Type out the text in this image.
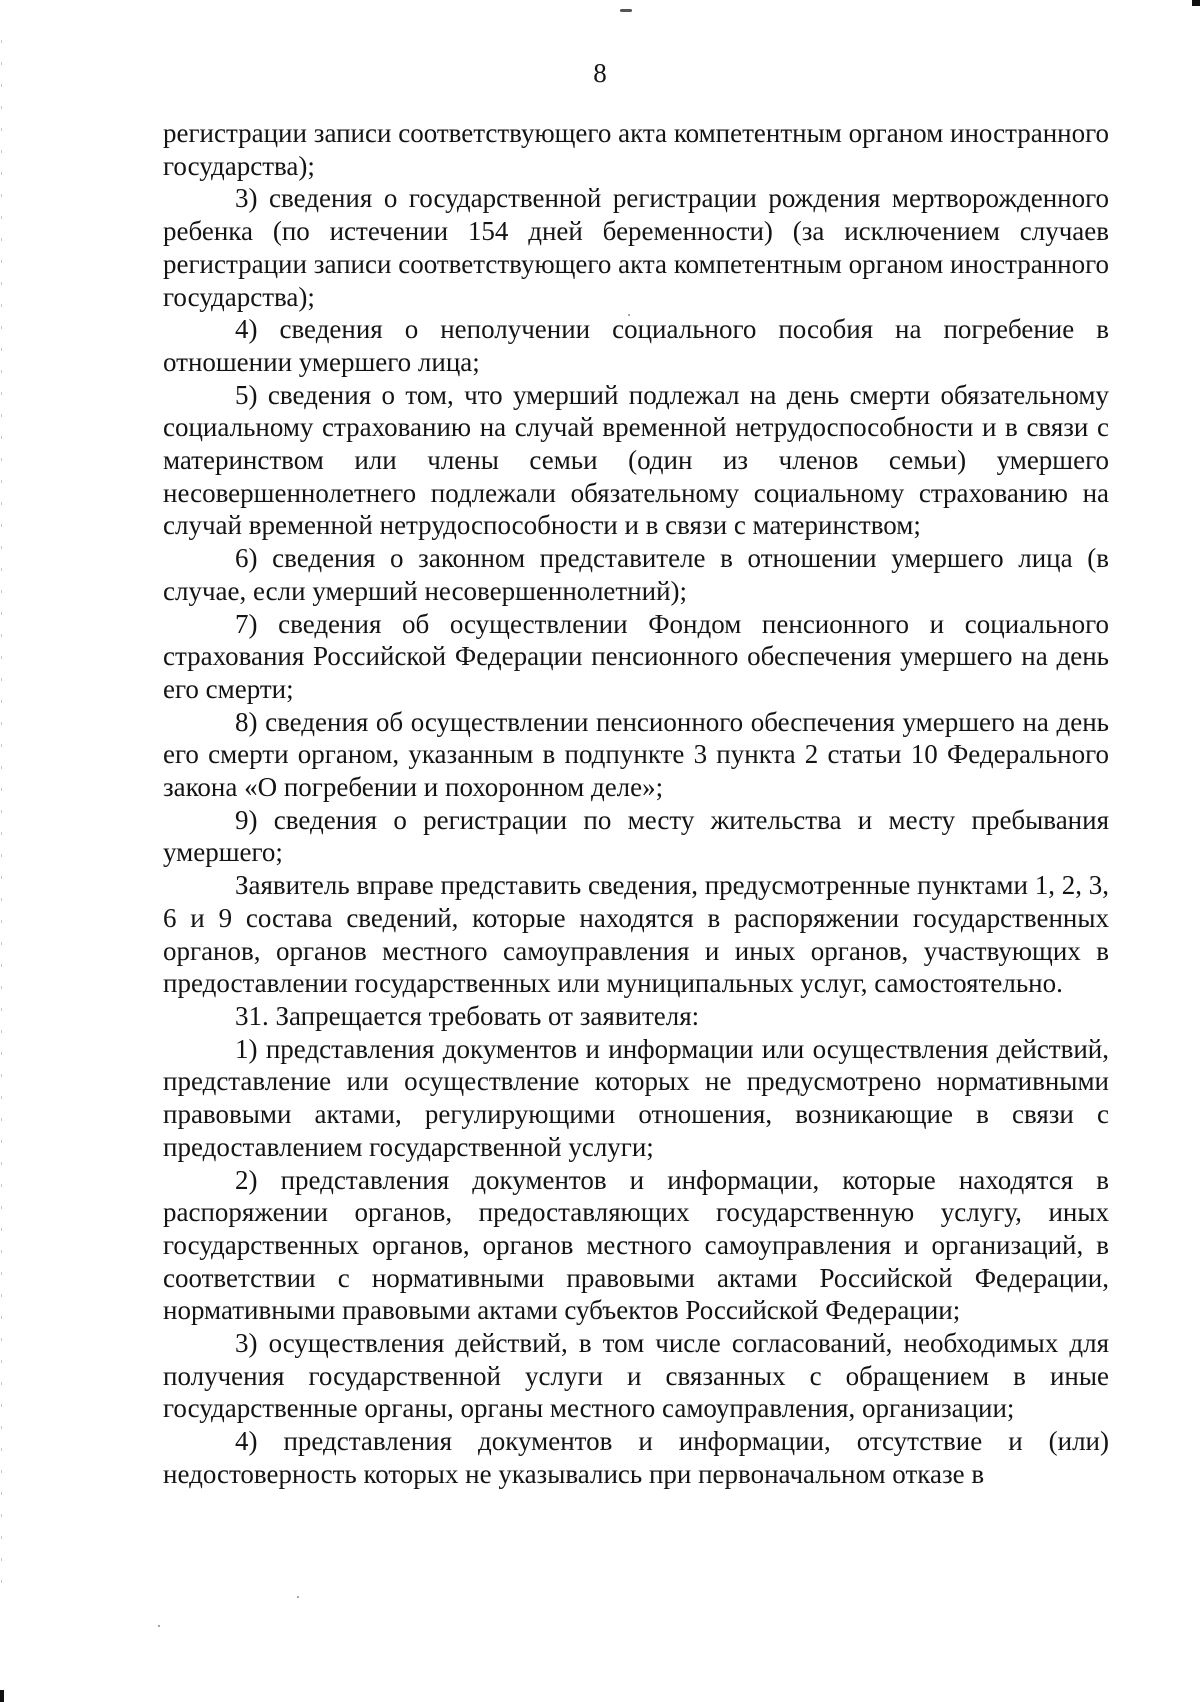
8

регистрации записи соответствующего акта компетентным органом иностранного государства);

3) сведения о государственной регистрации рождения мертворожденного ребенка (по истечении 154 дней беременности) (за исключением случаев регистрации записи соответствующего акта компетентным органом иностранного государства);

4) сведения о неполучении социального пособия на погребение в отношении умершего лица;

5) сведения о том, что умерший подлежал на день смерти обязательному социальному страхованию на случай временной нетрудоспособности и в связи с материнством или члены семьи (один из членов семьи) умершего несовершеннолетнего подлежали обязательному социальному страхованию на случай временной нетрудоспособности и в связи с материнством;

6) сведения о законном представителе в отношении умершего лица (в случае, если умерший несовершеннолетний);

7) сведения об осуществлении Фондом пенсионного и социального страхования Российской Федерации пенсионного обеспечения умершего на день его смерти;

8) сведения об осуществлении пенсионного обеспечения умершего на день его смерти органом, указанным в подпункте 3 пункта 2 статьи 10 Федерального закона «О погребении и похоронном деле»;

9) сведения о регистрации по месту жительства и месту пребывания умершего;

Заявитель вправе представить сведения, предусмотренные пунктами 1, 2, 3, 6 и 9 состава сведений, которые находятся в распоряжении государственных органов, органов местного самоуправления и иных органов, участвующих в предоставлении государственных или муниципальных услуг, самостоятельно.

31. Запрещается требовать от заявителя:

1) представления документов и информации или осуществления действий, представление или осуществление которых не предусмотрено нормативными правовыми актами, регулирующими отношения, возникающие в связи с предоставлением государственной услуги;

2) представления документов и информации, которые находятся в распоряжении органов, предоставляющих государственную услугу, иных государственных органов, органов местного самоуправления и организаций, в соответствии с нормативными правовыми актами Российской Федерации, нормативными правовыми актами субъектов Российской Федерации;

3) осуществления действий, в том числе согласований, необходимых для получения государственной услуги и связанных с обращением в иные государственные органы, органы местного самоуправления, организации;

4) представления документов и информации, отсутствие и (или) недостоверность которых не указывались при первоначальном отказе в
